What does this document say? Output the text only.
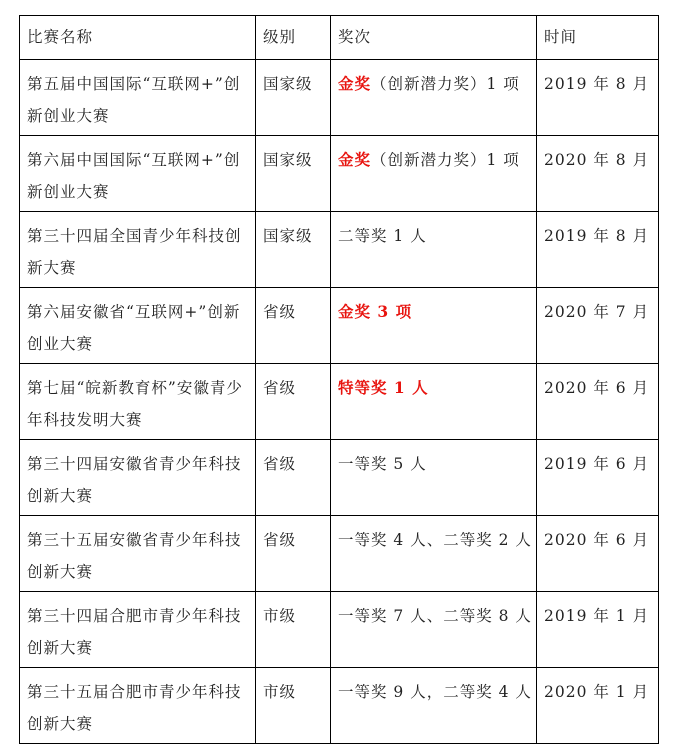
比赛名称	级别	奖次	时间
第五届中国国际“互联网+”创新创业大赛	国家级	金奖（创新潜力奖）1 项	2019 年 8 月
第六届中国国际“互联网+”创新创业大赛	国家级	金奖（创新潜力奖）1 项	2020 年 8 月
第三十四届全国青少年科技创新大赛	国家级	二等奖 1 人	2019 年 8 月
第六届安徽省“互联网+”创新创业大赛	省级	金奖 3 项	2020 年 7 月
第七届“皖新教育杯”安徽青少年科技发明大赛	省级	特等奖 1 人	2020 年 6 月
第三十四届安徽省青少年科技创新大赛	省级	一等奖 5 人	2019 年 6 月
第三十五届安徽省青少年科技创新大赛	省级	一等奖 4 人、二等奖 2 人	2020 年 6 月
第三十四届合肥市青少年科技创新大赛	市级	一等奖 7 人、二等奖 8 人	2019 年 1 月
第三十五届合肥市青少年科技创新大赛	市级	一等奖 9 人，二等奖 4 人	2020 年 1 月
